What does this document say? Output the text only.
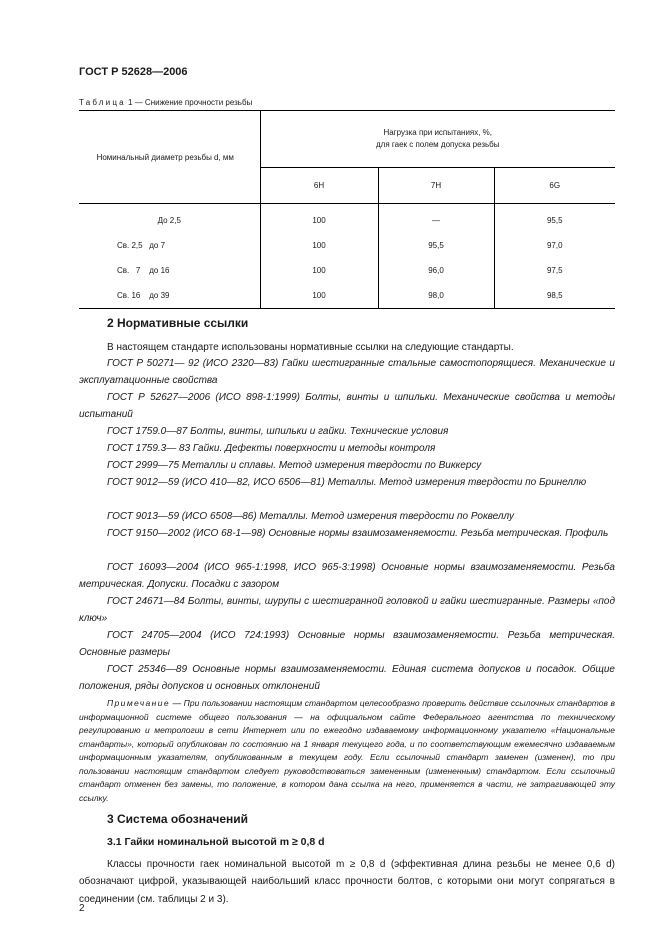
ГОСТ Р 52628—2006
Таблица 1 — Снижение прочности резьбы
Номинальный диаметр резьбы d, мм	Нагрузка при испытаниях, %,
для гаек с полем допуска резьбы		

	6H	7H	6G
До 2,5	100	—	95,5
Св. 2,5   до 7	100	95,5	97,0
Св.   7    до 16	100	96,0	97,5
Св. 16    до 39	100	98,0	98,5
2 Нормативные ссылки
В настоящем стандарте использованы нормативные ссылки на следующие стандарты.
ГОСТ Р 50271— 92 (ИСО 2320—83) Гайки шестигранные стальные самостопорящиеся. Механические и эксплуатационные свойства
ГОСТ Р 52627—2006 (ИСО 898-1:1999) Болты, винты и шпильки. Механические свойства и методы испытаний
ГОСТ 1759.0—87 Болты, винты, шпильки и гайки. Технические условия
ГОСТ 1759.3— 83 Гайки. Дефекты поверхности и методы контроля
ГОСТ 2999—75 Металлы и сплавы. Метод измерения твердости по Виккерсу
ГОСТ 9012—59 (ИСО 410—82, ИСО 6506—81) Металлы. Метод измерения твердости по Бринеллю
ГОСТ 9013—59 (ИСО 6508—86) Металлы. Метод измерения твердости по Роквеллу
ГОСТ 9150—2002 (ИСО 68-1—98) Основные нормы взаимозаменяемости. Резьба метрическая. Профиль
ГОСТ 16093—2004 (ИСО 965-1:1998, ИСО 965-3:1998) Основные нормы взаимозаменяемости. Резьба метрическая. Допуски. Посадки с зазором
ГОСТ 24671—84 Болты, винты, шурупы с шестигранной головкой и гайки шестигранные. Размеры «под ключ»
ГОСТ 24705—2004 (ИСО 724:1993) Основные нормы взаимозаменяемости. Резьба метрическая. Основные размеры
ГОСТ 25346—89 Основные нормы взаимозаменяемости. Единая система допусков и посадок. Общие положения, ряды допусков и основных отклонений
Примечание — При пользовании настоящим стандартом целесообразно проверить действие ссылочных стандартов в информационной системе общего пользования — на официальном сайте Федерального агентства по техническому регулированию и метрологии в сети Интернет или по ежегодно издаваемому информационному указателю «Национальные стандарты», который опубликован по состоянию на 1 января текущего года, и по соответствующим ежемесячно издаваемым информационным указателям, опубликованным в текущем году. Если ссылочный стандарт заменен (изменен), то при пользовании настоящим стандартом следует руководствоваться замененным (измененным) стандартом. Если ссылочный стандарт отменен без замены, то положение, в котором дана ссылка на него, применяется в части, не затрагивающей эту ссылку.
3 Система обозначений
3.1 Гайки номинальной высотой m ≥ 0,8 d
Классы прочности гаек номинальной высотой m ≥ 0,8 d (эффективная длина резьбы не менее 0,6 d) обозначают цифрой, указывающей наибольший класс прочности болтов, с которыми они могут сопрягаться в соединении (см. таблицы 2 и 3).
2
